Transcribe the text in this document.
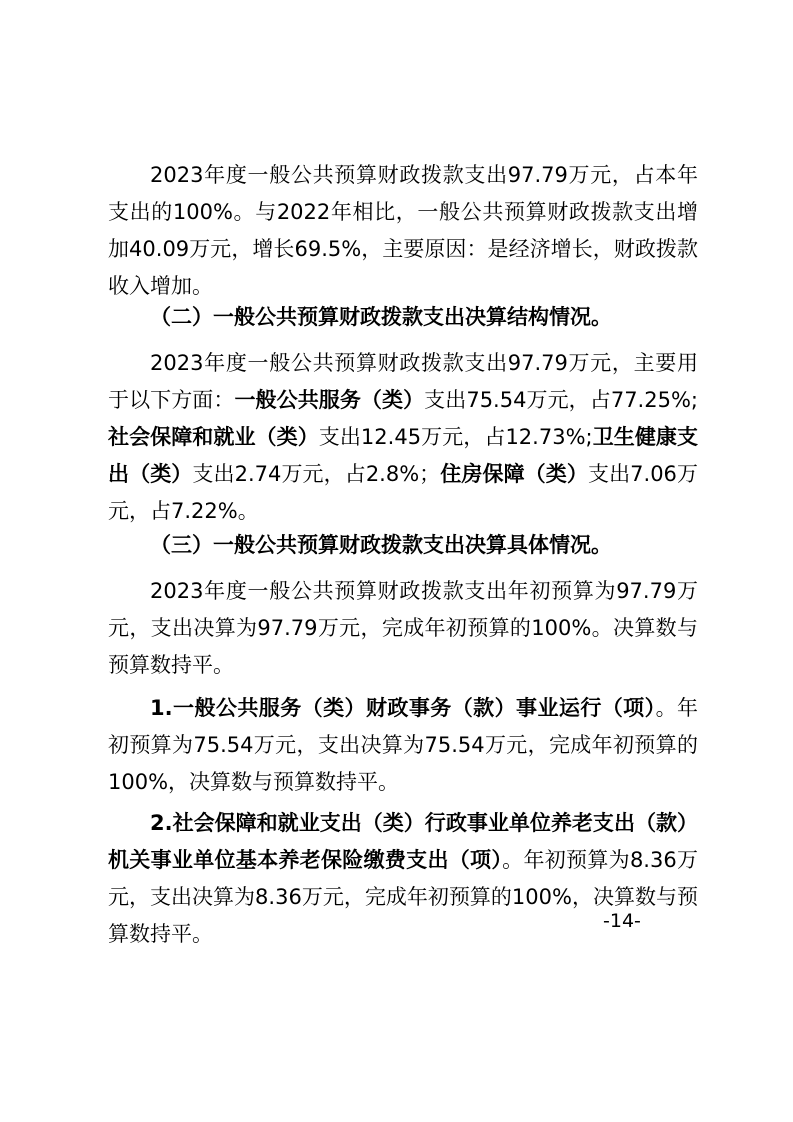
2023年度一般公共预算财政拨款支出97.79万元，占本年支出的100%。与2022年相比，一般公共预算财政拨款支出增加40.09万元，增长69.5%，主要原因：是经济增长，财政拨款收入增加。

（二）一般公共预算财政拨款支出决算结构情况。

2023年度一般公共预算财政拨款支出97.79万元，主要用于以下方面：一般公共服务（类）支出75.54万元，占77.25%;社会保障和就业（类）支出12.45万元，占12.73%;卫生健康支出（类）支出2.74万元，占2.8%；住房保障（类）支出7.06万元，占7.22%。

（三）一般公共预算财政拨款支出决算具体情况。

2023年度一般公共预算财政拨款支出年初预算为97.79万元，支出决算为97.79万元，完成年初预算的100%。决算数与预算数持平。

1.一般公共服务（类）财政事务（款）事业运行（项）。年初预算为75.54万元，支出决算为75.54万元，完成年初预算的100%，决算数与预算数持平。

2.社会保障和就业支出（类）行政事业单位养老支出（款）机关事业单位基本养老保险缴费支出（项）。年初预算为8.36万元，支出决算为8.36万元，完成年初预算的100%，决算数与预算数持平。

-14-
